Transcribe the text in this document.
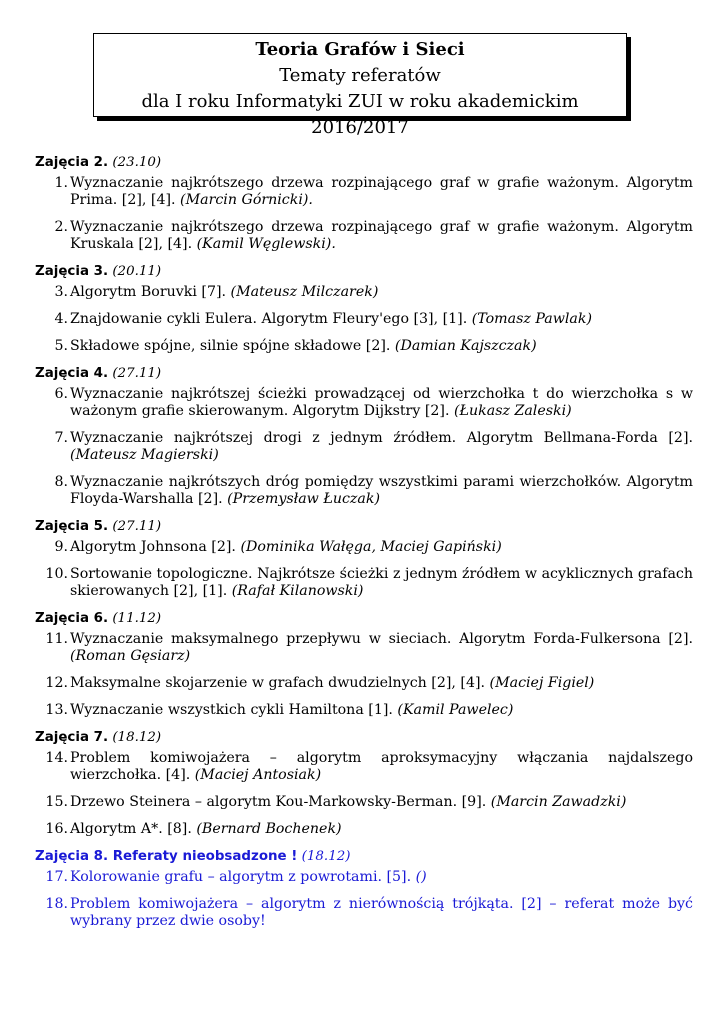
Teoria Grafów i Sieci
Tematy referatów
dla I roku Informatyki ZUI w roku akademickim 2016/2017
Zajęcia 2. (23.10)
1. Wyznaczanie najkrótszego drzewa rozpinającego graf w grafie ważonym. Algorytm Prima. [2], [4]. (Marcin Górnicki).
2. Wyznaczanie najkrótszego drzewa rozpinającego graf w grafie ważonym. Algorytm Kruskala [2], [4]. (Kamil Węglewski).
Zajęcia 3. (20.11)
3. Algorytm Boruvki [7]. (Mateusz Milczarek)
4. Znajdowanie cykli Eulera. Algorytm Fleury'ego [3], [1]. (Tomasz Pawlak)
5. Składowe spójne, silnie spójne składowe [2]. (Damian Kajszczak)
Zajęcia 4. (27.11)
6. Wyznaczanie najkrótszej ścieżki prowadzącej od wierzchołka t do wierzchołka s w ważonym grafie skierowanym. Algorytm Dijkstry [2]. (Łukasz Zaleski)
7. Wyznaczanie najkrótszej drogi z jednym źródłem. Algorytm Bellmana-Forda [2]. (Mateusz Magierski)
8. Wyznaczanie najkrótszych dróg pomiędzy wszystkimi parami wierzchołków. Algorytm Floyda-Warshalla [2]. (Przemysław Łuczak)
Zajęcia 5. (27.11)
9. Algorytm Johnsona [2]. (Dominika Wałęga, Maciej Gapiński)
10. Sortowanie topologiczne. Najkrótsze ścieżki z jednym źródłem w acyklicznych grafach skierowanych [2], [1]. (Rafał Kilanowski)
Zajęcia 6. (11.12)
11. Wyznaczanie maksymalnego przepływu w sieciach. Algorytm Forda-Fulkersona [2]. (Roman Gęsiarz)
12. Maksymalne skojarzenie w grafach dwudzielnych [2], [4]. (Maciej Figiel)
13. Wyznaczanie wszystkich cykli Hamiltona [1]. (Kamil Pawelec)
Zajęcia 7. (18.12)
14. Problem komiwojażera – algorytm aproksymacyjny włączania najdalszego wierzchołka. [4]. (Maciej Antosiak)
15. Drzewo Steinera – algorytm Kou-Markowsky-Berman. [9]. (Marcin Zawadzki)
16. Algorytm A*. [8]. (Bernard Bochenek)
Zajęcia 8. Referaty nieobsadzone ! (18.12)
17. Kolorowanie grafu – algorytm z powrotami. [5]. ()
18. Problem komiwojażera – algorytm z nierównością trójkąta. [2] – referat może być wybrany przez dwie osoby!
